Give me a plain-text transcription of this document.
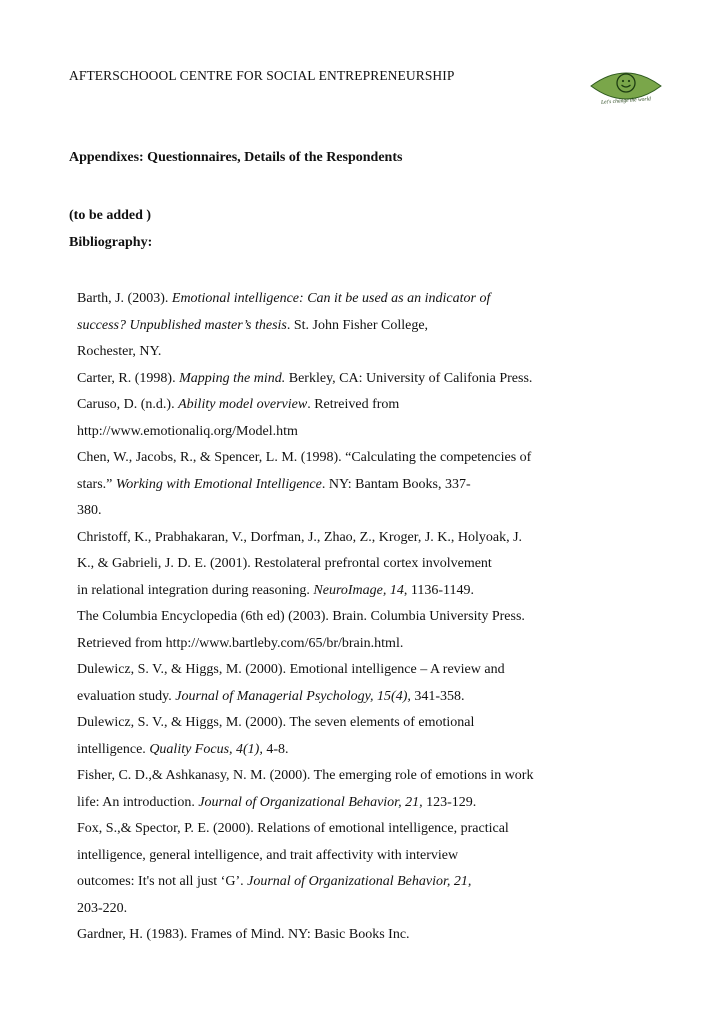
AFTERSCHOOOL CENTRE FOR SOCIAL ENTREPRENEURSHIP
Let's change the world
Appendixes: Questionnaires, Details of the Respondents
(to be added )
Bibliography:
Barth, J. (2003). Emotional intelligence: Can it be used as an indicator of
success? Unpublished master’s thesis. St. John Fisher College,
Rochester, NY.
Carter, R. (1998). Mapping the mind. Berkley, CA: University of Califonia Press.
Caruso, D. (n.d.). Ability model overview. Retreived from
http://www.emotionaliq.org/Model.htm
Chen, W., Jacobs, R., & Spencer, L. M. (1998). “Calculating the competencies of
stars.” Working with Emotional Intelligence. NY: Bantam Books, 337-
380.
Christoff, K., Prabhakaran, V., Dorfman, J., Zhao, Z., Kroger, J. K., Holyoak, J.
K., & Gabrieli, J. D. E. (2001). Restolateral prefrontal cortex involvement
in relational integration during reasoning. NeuroImage, 14, 1136-1149.
The Columbia Encyclopedia (6th ed) (2003). Brain. Columbia University Press.
Retrieved from http://www.bartleby.com/65/br/brain.html.
Dulewicz, S. V., & Higgs, M. (2000). Emotional intelligence – A review and
evaluation study. Journal of Managerial Psychology, 15(4), 341-358.
Dulewicz, S. V., & Higgs, M. (2000). The seven elements of emotional
intelligence. Quality Focus, 4(1), 4-8.
Fisher, C. D.,& Ashkanasy, N. M. (2000). The emerging role of emotions in work
life: An introduction. Journal of Organizational Behavior, 21, 123-129.
Fox, S.,& Spector, P. E. (2000). Relations of emotional intelligence, practical
intelligence, general intelligence, and trait affectivity with interview
outcomes: It's not all just ‘G’. Journal of Organizational Behavior, 21,
203-220.
Gardner, H. (1983). Frames of Mind. NY: Basic Books Inc.
